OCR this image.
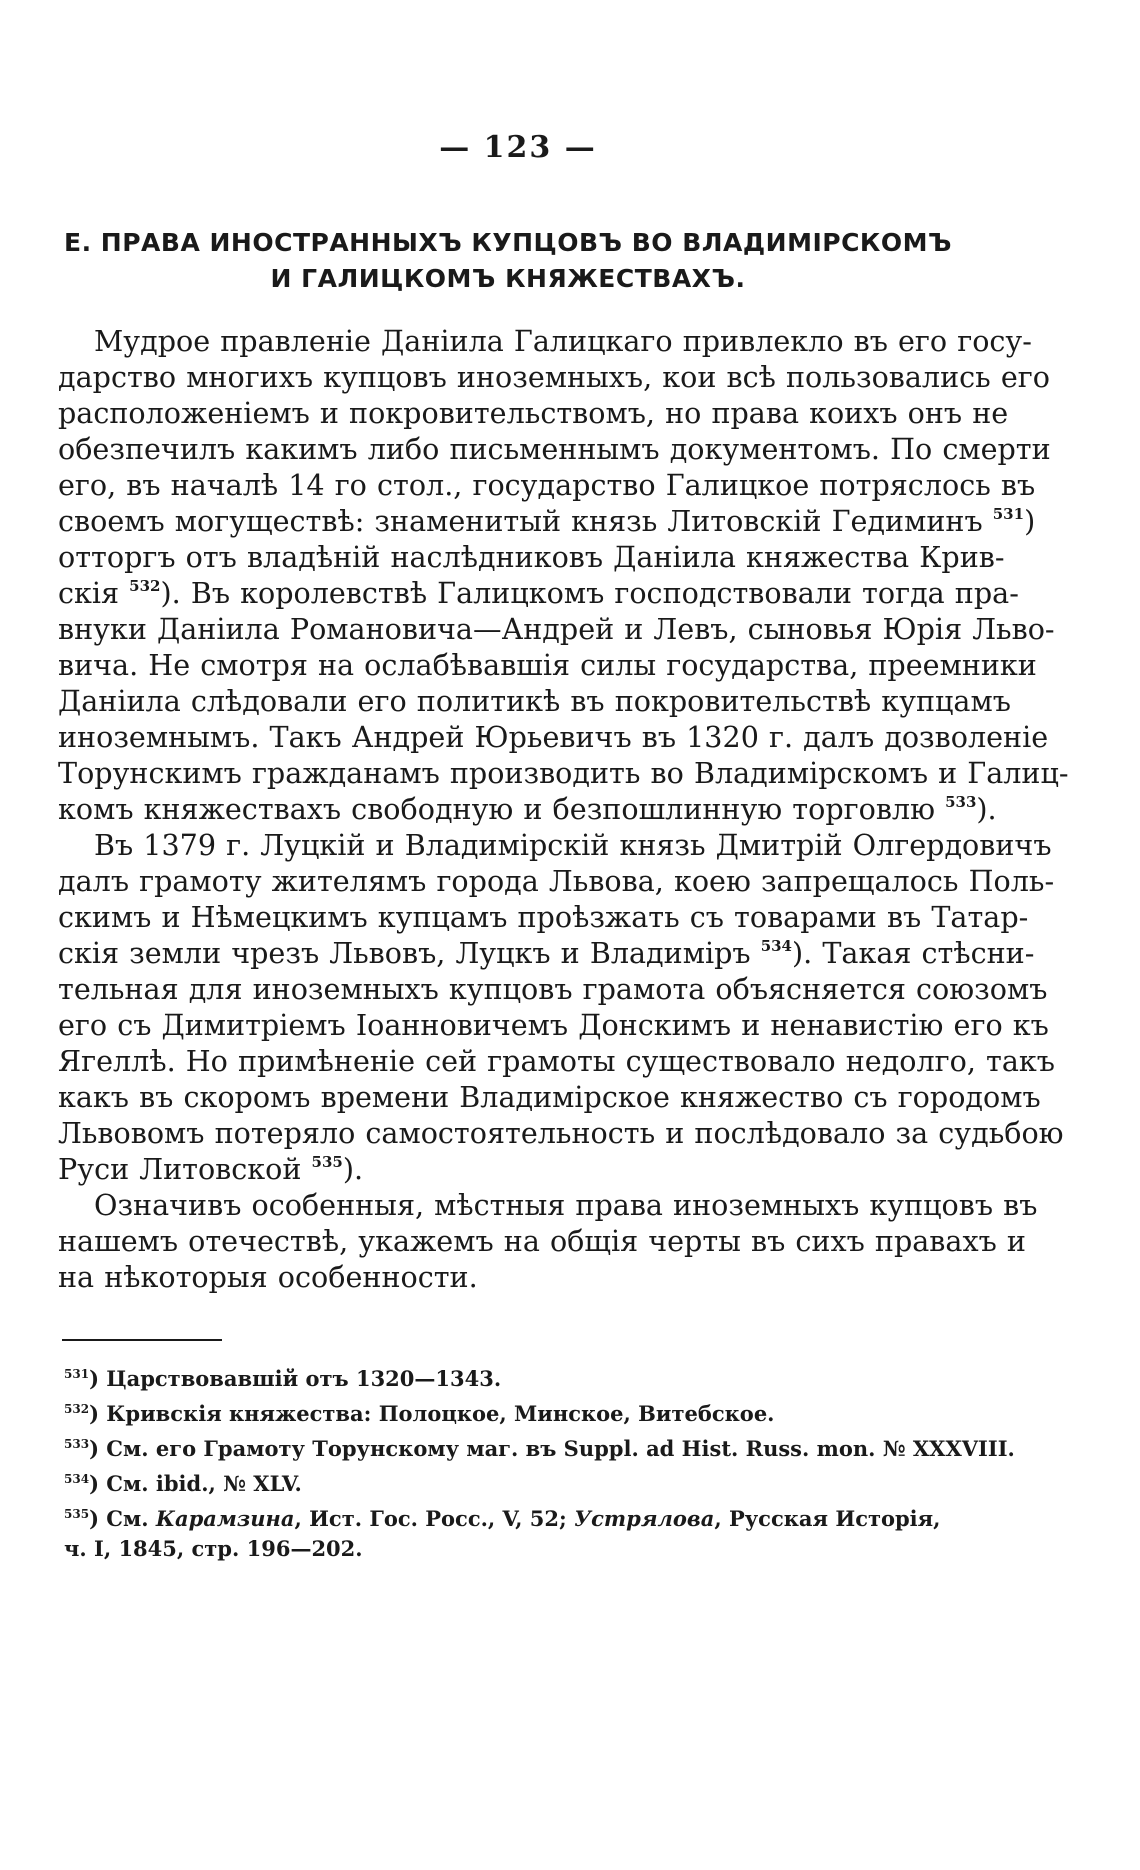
— 123 —
Е. ПРАВА ИНОСТРАННЫХЪ КУПЦОВЪ ВО ВЛАДИМІРСКОМЪ
И ГАЛИЦКОМЪ КНЯЖЕСТВАХЪ.

Мудрое правленіе Даніила Галицкаго привлекло въ его госу-
дарство многихъ купцовъ иноземныхъ, кои всѣ пользовались его
расположеніемъ и покровительствомъ, но права коихъ онъ не
обезпечилъ какимъ либо письменнымъ документомъ. По смерти
его, въ началѣ 14 го стол., государство Галицкое потряслось въ
своемъ могуществѣ: знаменитый князь Литовскій Гедиминъ $^{531}$)
отторгъ отъ владѣній наслѣдниковъ Даніила княжества Крив-
скія $^{532}$). Въ королевствѣ Галицкомъ господствовали тогда пра-
внуки Даніила Романовича—Андрей и Левъ, сыновья Юрія Льво-
вича. Не смотря на ослабѣвавшія силы государства, преемники
Даніила слѣдовали его политикѣ въ покровительствѣ купцамъ
иноземнымъ. Такъ Андрей Юрьевичъ въ 1320 г. далъ дозволеніе
Торунскимъ гражданамъ производить во Владимірскомъ и Галиц-
комъ княжествахъ свободную и безпошлинную торговлю $^{533}$).

Въ 1379 г. Луцкій и Владимірскій князь Дмитрій Олгердовичъ
далъ грамоту жителямъ города Львова, коею запрещалось Поль-
скимъ и Нѣмецкимъ купцамъ проѣзжать съ товарами въ Татар-
скія земли чрезъ Львовъ, Луцкъ и Владиміръ $^{534}$). Такая стѣсни-
тельная для иноземныхъ купцовъ грамота объясняется союзомъ
его съ Димитріемъ Іоанновичемъ Донскимъ и ненавистію его къ
Ягеллѣ. Но примѣненіе сей грамоты существовало недолго, такъ
какъ въ скоромъ времени Владимірское княжество съ городомъ
Львовомъ потеряло самостоятельность и послѣдовало за судьбою
Руси Литовской $^{535}$).

Означивъ особенныя, мѣстныя права иноземныхъ купцовъ въ
нашемъ отечествѣ, укажемъ на общія черты въ сихъ правахъ и
на нѣкоторыя особенности.

$^{531}$) Царствовавшій отъ 1320—1343.
$^{532}$) Кривскія княжества: Полоцкое, Минское, Витебское.
$^{533}$) См. его Грамоту Торунскому маг. въ Suppl. ad Hist. Russ. mon. № XXXVIII.
$^{534}$) См. ibid., № XLV.
$^{535}$) См. Карамзина, Ист. Гос. Росс., V, 52; Устрялова, Русская Исторія,
ч. I, 1845, стр. 196—202.
